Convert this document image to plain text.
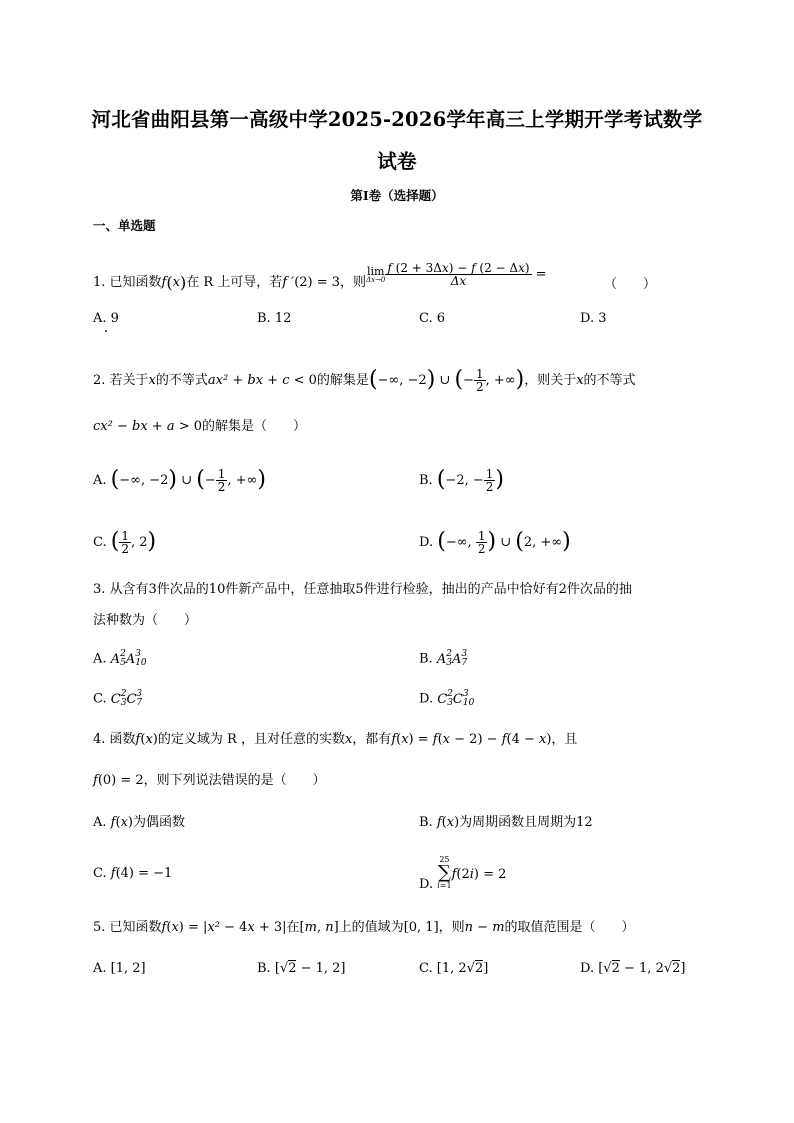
河北省曲阳县第一高级中学2025-2026学年高三上学期开学考试数学
试卷
第I卷（选择题）
一、单选题
1. 已知函数f(x)在 R 上可导，若f ′(2) = 3，则
lim
$\Delta x\to 0 \frac{f (2 + 3\Delta x) - f (2 - \Delta x)}{\Delta x}$ =
（　　）
A. 9	B. 12	C. 6	D. 3
2. 若关于x的不等式ax² + bx + c < 0的解集是(−∞, −2) ∪ (− $\frac{1}{2}$ , +∞)，则关于x的不等式
cx² − bx + a > 0的解集是（　　）
A. (−∞, −2) ∪ (− $\frac{1}{2}$ , +∞)	B. (−2, − $\frac{1}{2}$ )
C. ( $\frac{1}{2}$ , 2)	D. (−∞, $\frac{1}{2}$ ) ∪ (2, +∞)
3. 从含有3件次品的10件新产品中，任意抽取5件进行检验，抽出的产品中恰好有2件次品的抽
法种数为（　　）
A. A 2
5 A 3
10	B. A 2
3 A 3
7
C. C 2
3 C 3
7	D. C 2
3 C 3
10
4. 函数f(x)的定义域为 R ，且对任意的实数x，都有f(x) = f(x − 2) − f(4 − x)，且
f(0) = 2，则下列说法错误的是（　　）
A. f(x)为偶函数	B. f(x)为周期函数且周期为12
C. f(4) = −1
D.
25
∑
i=1
f(2i) = 2
5. 已知函数f(x) = |x² − 4x + 3|在[m, n]上的值域为[0, 1]，则n − m的取值范围是（　　）
A. [1, 2]	B. [√2 − 1, 2]	C. [1, 2√2]	D. [√2 − 1, 2√2]
